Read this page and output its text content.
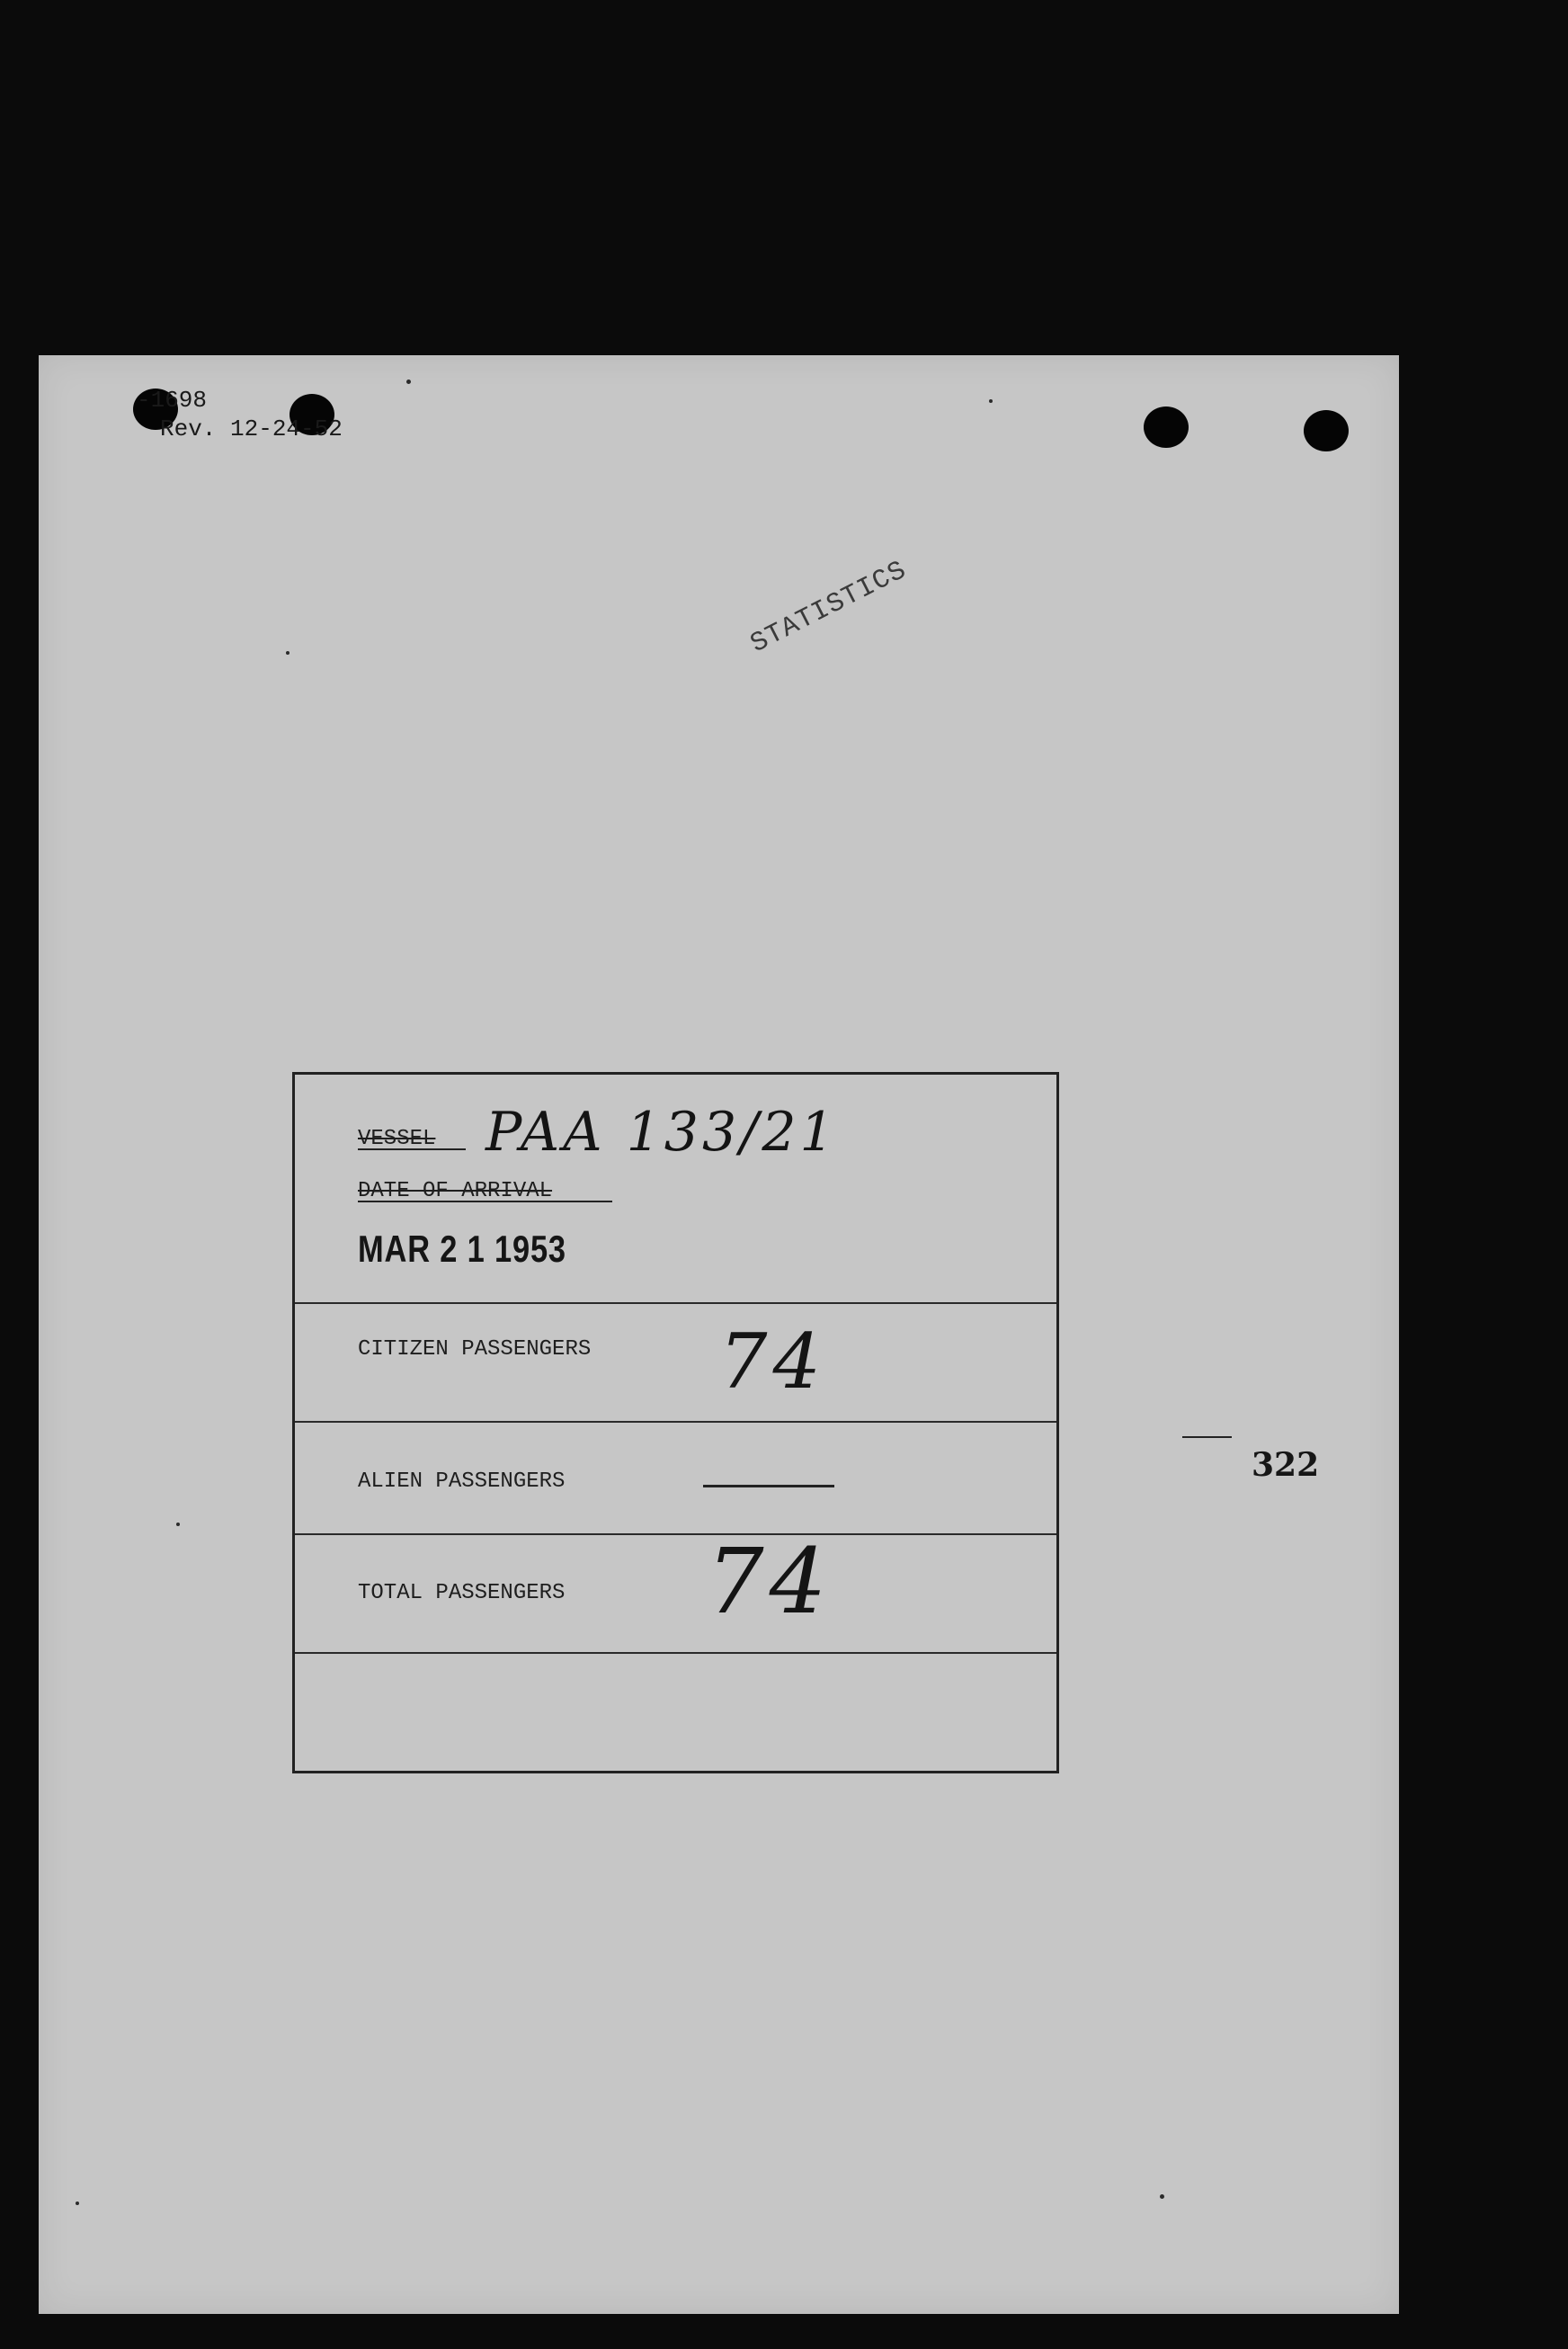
-1698
Rev. 12-24-52
STATISTICS
VESSEL PAA 133/21
DATE OF ARRIVAL
MAR 2 1 1953
CITIZEN PASSENGERS 74
ALIEN PASSENGERS
TOTAL PASSENGERS 74
322
